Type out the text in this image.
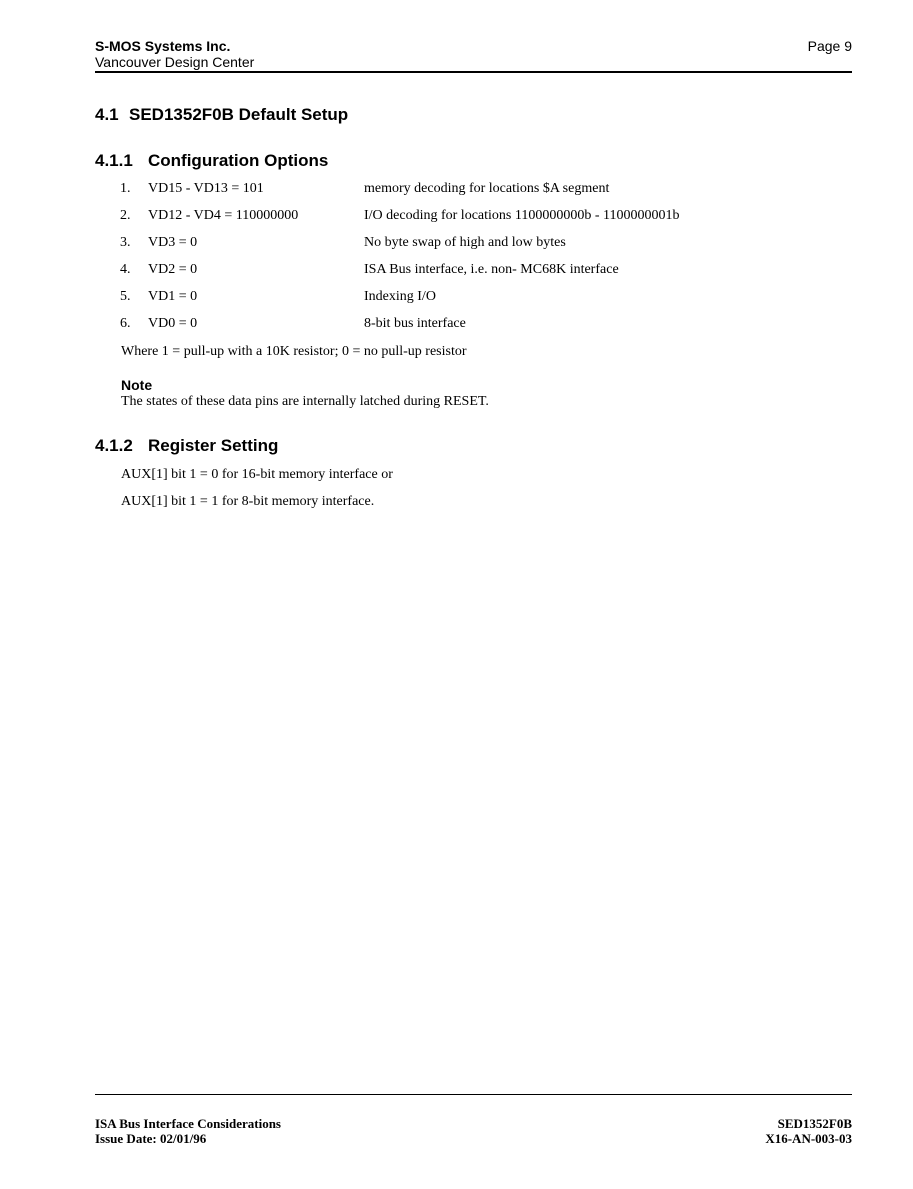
S-MOS Systems Inc.
Vancouver Design Center
Page 9
4.1 SED1352F0B Default Setup
4.1.1 Configuration Options
1. VD15 - VD13 = 101	memory decoding for locations $A segment
2. VD12 - VD4 = 110000000	I/O decoding for locations 1100000000b - 1100000001b
3. VD3 = 0	No byte swap of high and low bytes
4. VD2 = 0	ISA Bus interface, i.e. non- MC68K interface
5. VD1 = 0	Indexing I/O
6. VD0 = 0	8-bit bus interface
Where 1 = pull-up with a 10K resistor; 0 = no pull-up resistor
Note
The states of these data pins are internally latched during RESET.
4.1.2 Register Setting
AUX[1] bit 1 = 0 for 16-bit memory interface or
AUX[1] bit 1 = 1 for 8-bit memory interface.
ISA Bus Interface Considerations
Issue Date: 02/01/96
SED1352F0B
X16-AN-003-03
